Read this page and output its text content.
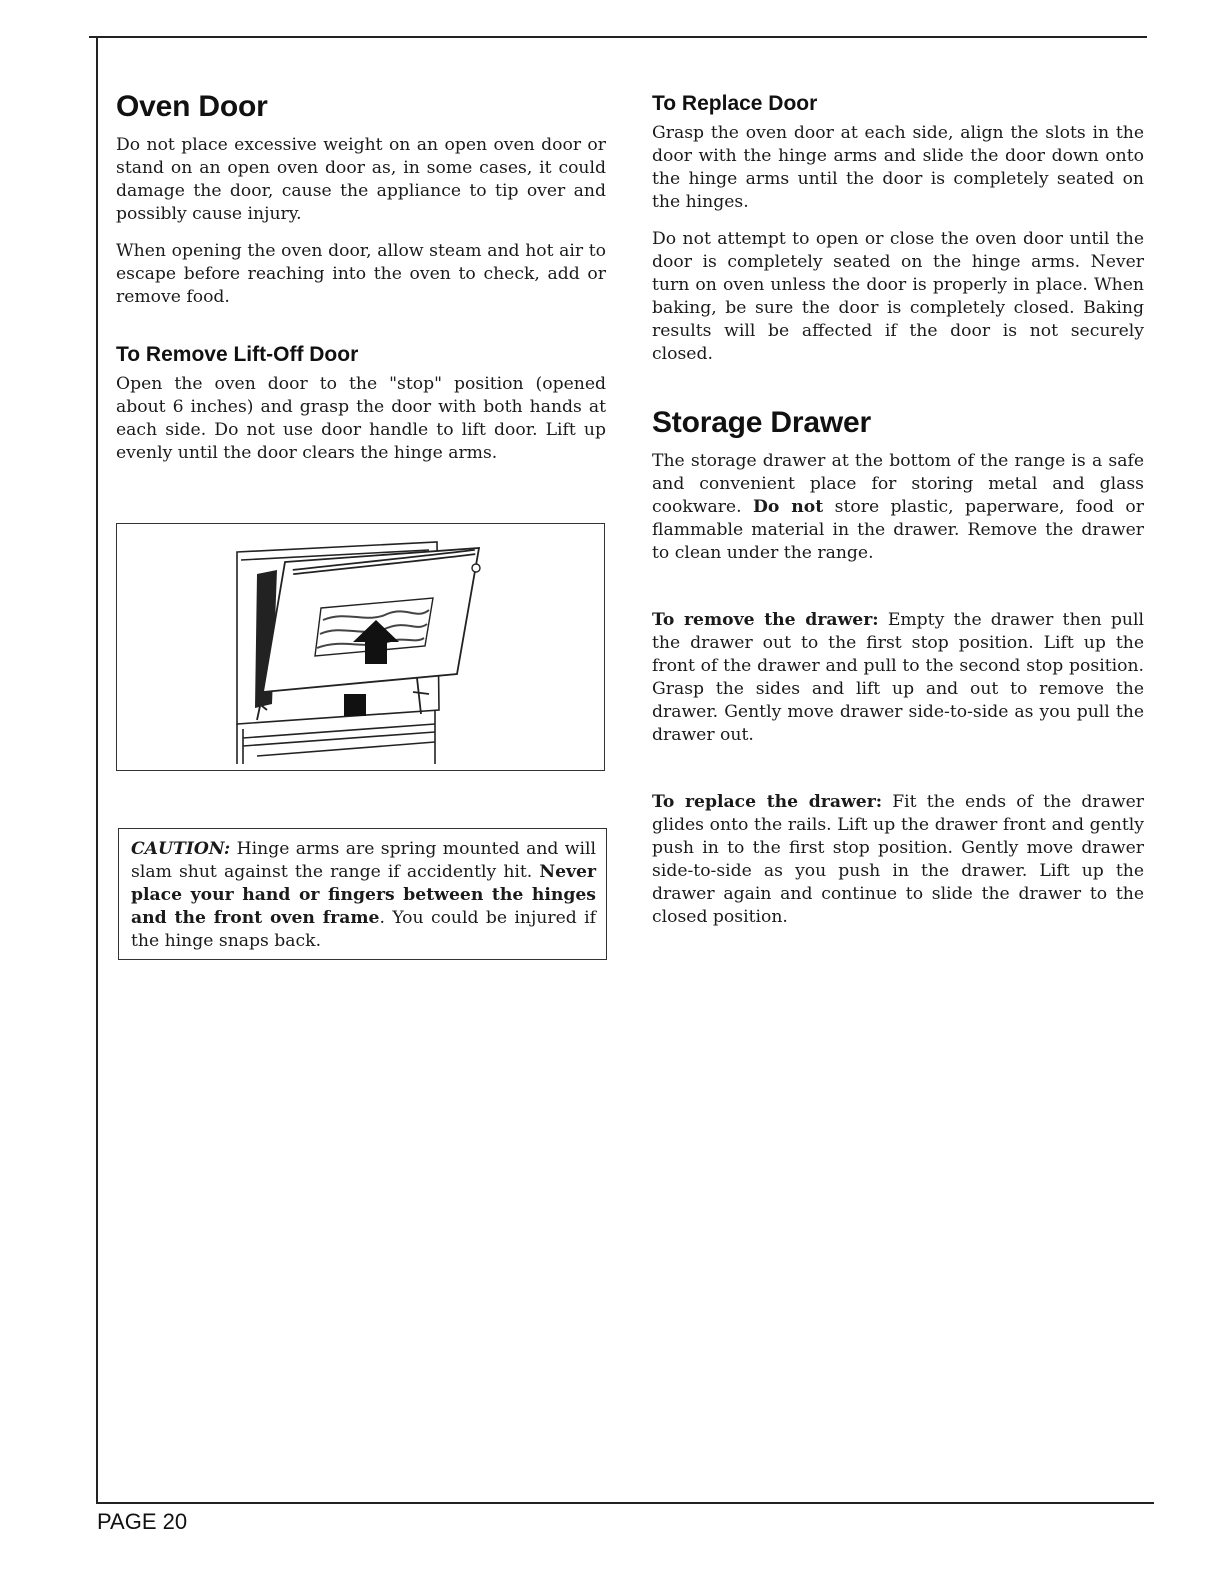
Oven Door

Do not place excessive weight on an open oven door or stand on an open oven door as, in some cases, it could damage the door, cause the appliance to tip over and possibly cause injury.

When opening the oven door, allow steam and hot air to escape before reaching into the oven to check, add or remove food.

To Remove Lift-Off Door

Open the oven door to the "stop" position (opened about 6 inches) and grasp the door with both hands at each side. Do not use door handle to lift door. Lift up evenly until the door clears the hinge arms.

CAUTION: Hinge arms are spring mounted and will slam shut against the range if accidently hit. Never place your hand or fingers between the hinges and the front oven frame. You could be injured if the hinge snaps back.

To Replace Door

Grasp the oven door at each side, align the slots in the door with the hinge arms and slide the door down onto the hinge arms until the door is completely seated on the hinges.

Do not attempt to open or close the oven door until the door is completely seated on the hinge arms. Never turn on oven unless the door is properly in place. When baking, be sure the door is completely closed. Baking results will be affected if the door is not securely closed.

Storage Drawer

The storage drawer at the bottom of the range is a safe and convenient place for storing metal and glass cookware. Do not store plastic, paperware, food or flammable material in the drawer. Remove the drawer to clean under the range.

To remove the drawer: Empty the drawer then pull the drawer out to the first stop position. Lift up the front of the drawer and pull to the second stop position. Grasp the sides and lift up and out to remove the drawer. Gently move drawer side-to-side as you pull the drawer out.

To replace the drawer: Fit the ends of the drawer glides onto the rails. Lift up the drawer front and gently push in to the first stop position. Gently move drawer side-to-side as you push in the drawer. Lift up the drawer again and continue to slide the drawer to the closed position.

PAGE 20
